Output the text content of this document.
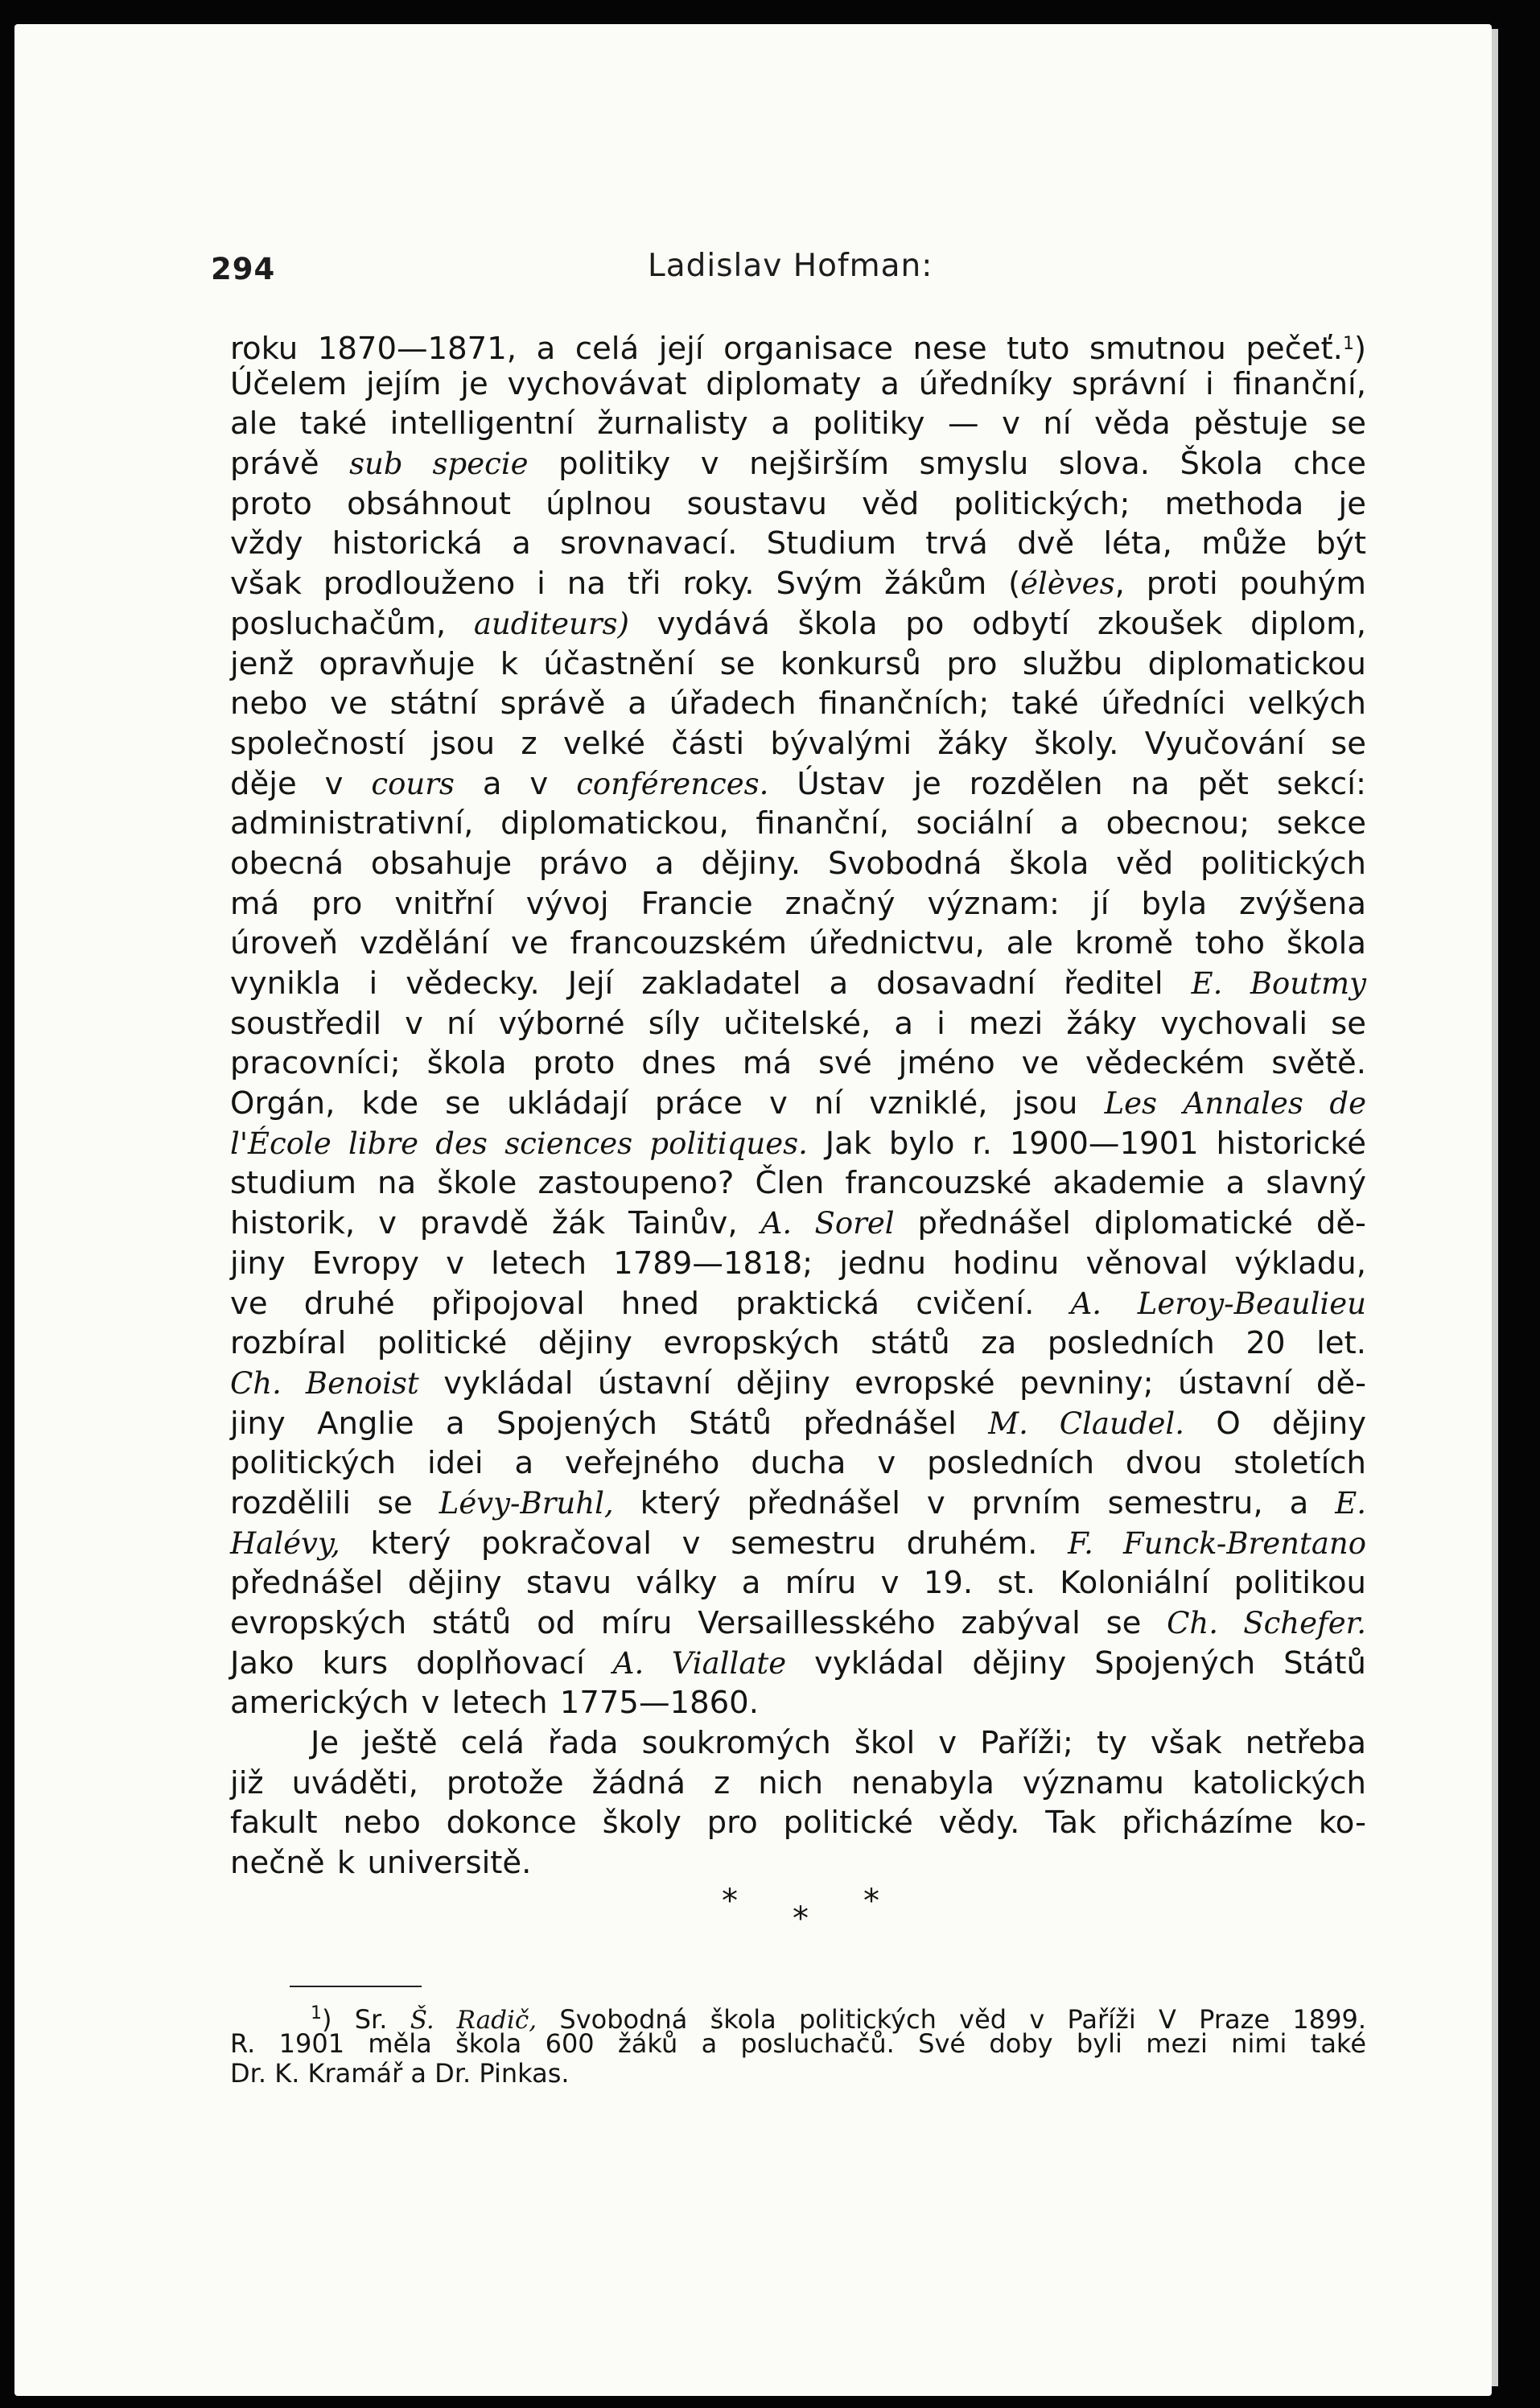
294	Ladislav Hofman:
roku 1870—1871, a celá její organisace nese tuto smutnou pečeť.$^1$)
Účelem jejím je vychovávat diplomaty a úředníky správní i finanční,
ale také intelligentní žurnalisty a politiky — v ní věda pěstuje se
právě sub specie politiky v nejširším smyslu slova. Škola chce
proto obsáhnout úplnou soustavu věd politických; methoda je
vždy historická a srovnavací. Studium trvá dvě léta, může být
však prodlouženo i na tři roky. Svým žákům (élèves, proti pouhým
posluchačům, auditeurs) vydává škola po odbytí zkoušek diplom,
jenž opravňuje k účastnění se konkursů pro službu diplomatickou
nebo ve státní správě a úřadech finančních; také úředníci velkých
společností jsou z velké části bývalými žáky školy. Vyučování se
děje v cours a v conférences. Ústav je rozdělen na pět sekcí:
administrativní, diplomatickou, finanční, sociální a obecnou; sekce
obecná obsahuje právo a dějiny. Svobodná škola věd politických
má pro vnitřní vývoj Francie značný význam: jí byla zvýšena
úroveň vzdělání ve francouzském úřednictvu, ale kromě toho škola
vynikla i vědecky. Její zakladatel a dosavadní ředitel E. Boutmy
soustředil v ní výborné síly učitelské, a i mezi žáky vychovali se
pracovníci; škola proto dnes má své jméno ve vědeckém světě.
Orgán, kde se ukládají práce v ní vzniklé, jsou Les Annales de
l'École libre des sciences politiques. Jak bylo r. 1900—1901 historické
studium na škole zastoupeno? Člen francouzské akademie a slavný
historik, v pravdě žák Tainův, A. Sorel přednášel diplomatické dě-
jiny Evropy v letech 1789—1818; jednu hodinu věnoval výkladu,
ve druhé připojoval hned praktická cvičení. A. Leroy-Beaulieu
rozbíral politické dějiny evropských států za posledních 20 let.
Ch. Benoist vykládal ústavní dějiny evropské pevniny; ústavní dě-
jiny Anglie a Spojených Států přednášel M. Claudel. O dějiny
politických idei a veřejného ducha v posledních dvou stoletích
rozdělili se Lévy-Bruhl, který přednášel v prvním semestru, a E.
Halévy, který pokračoval v semestru druhém. F. Funck-Brentano
přednášel dějiny stavu války a míru v 19. st. Koloniální politikou
evropských států od míru Versaillesského zabýval se Ch. Schefer.
Jako kurs doplňovací A. Viallate vykládal dějiny Spojených Států
amerických v letech 1775—1860.
Je ještě celá řada soukromých škol v Paříži; ty však netřeba
již uváděti, protože žádná z nich nenabyla významu katolických
fakult nebo dokonce školy pro politické vědy. Tak přicházíme ko-
nečně k universitě.
* * *
$^1$) Sr. Š. Radič, Svobodná škola politických věd v Paříži V Praze 1899.
R. 1901 měla škola 600 žáků a posluchačů. Své doby byli mezi nimi také
Dr. K. Kramář a Dr. Pinkas.
